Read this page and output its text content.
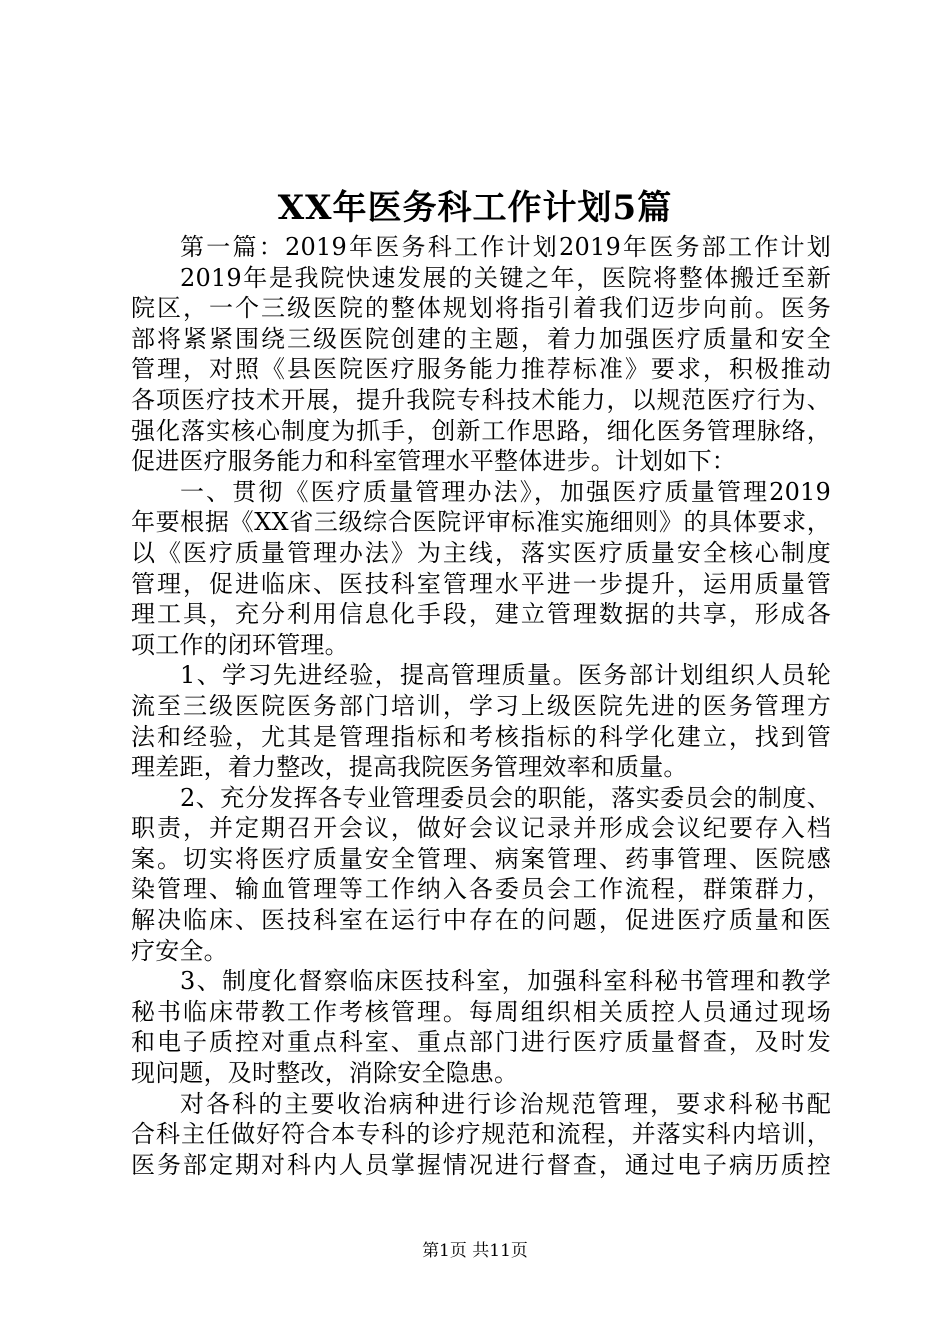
XX年医务科工作计划5篇
第一篇：2019年医务科工作计划2019年医务部工作计划
2019年是我院快速发展的关键之年，医院将整体搬迁至新
院区，一个三级医院的整体规划将指引着我们迈步向前。医务
部将紧紧围绕三级医院创建的主题，着力加强医疗质量和安全
管理，对照《县医院医疗服务能力推荐标准》要求，积极推动
各项医疗技术开展，提升我院专科技术能力，以规范医疗行为、
强化落实核心制度为抓手，创新工作思路，细化医务管理脉络，
促进医疗服务能力和科室管理水平整体进步。计划如下：
一、贯彻《医疗质量管理办法》，加强医疗质量管理2019
年要根据《XX省三级综合医院评审标准实施细则》的具体要求，
以《医疗质量管理办法》为主线，落实医疗质量安全核心制度
管理，促进临床、医技科室管理水平进一步提升，运用质量管
理工具，充分利用信息化手段，建立管理数据的共享，形成各
项工作的闭环管理。
1、学习先进经验，提高管理质量。医务部计划组织人员轮
流至三级医院医务部门培训，学习上级医院先进的医务管理方
法和经验，尤其是管理指标和考核指标的科学化建立，找到管
理差距，着力整改，提高我院医务管理效率和质量。
2、充分发挥各专业管理委员会的职能，落实委员会的制度、
职责，并定期召开会议，做好会议记录并形成会议纪要存入档
案。切实将医疗质量安全管理、病案管理、药事管理、医院感
染管理、输血管理等工作纳入各委员会工作流程，群策群力，
解决临床、医技科室在运行中存在的问题，促进医疗质量和医
疗安全。
3、制度化督察临床医技科室，加强科室科秘书管理和教学
秘书临床带教工作考核管理。每周组织相关质控人员通过现场
和电子质控对重点科室、重点部门进行医疗质量督查，及时发
现问题，及时整改，消除安全隐患。
对各科的主要收治病种进行诊治规范管理，要求科秘书配
合科主任做好符合本专科的诊疗规范和流程，并落实科内培训，
医务部定期对科内人员掌握情况进行督查，通过电子病历质控
第1页 共11页
